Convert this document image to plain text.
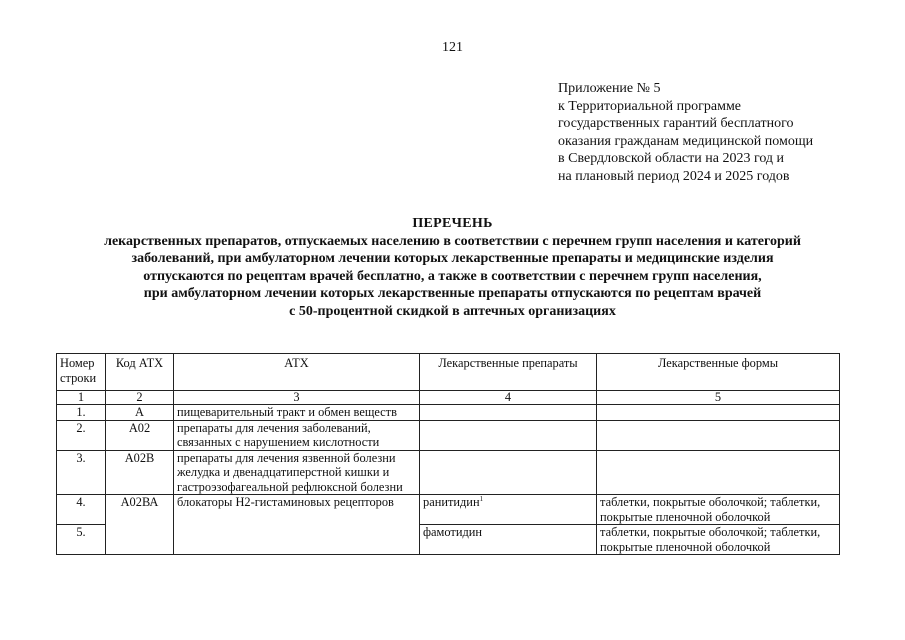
121
Приложение № 5
к Территориальной программе
государственных гарантий бесплатного
оказания гражданам медицинской помощи
в Свердловской области на 2023 год и
на плановый период 2024 и 2025 годов
ПЕРЕЧЕНЬ
лекарственных препаратов, отпускаемых населению в соответствии с перечнем групп населения и категорий
заболеваний, при амбулаторном лечении которых лекарственные препараты и медицинские изделия
отпускаются по рецептам врачей бесплатно, а также в соответствии с перечнем групп населения,
при амбулаторном лечении которых лекарственные препараты отпускаются по рецептам врачей
с 50-процентной скидкой в аптечных организациях
Номер строки	Код АТХ	АТХ	Лекарственные препараты	Лекарственные формы
1	2	3	4	5
1.	А	пищеварительный тракт и обмен веществ		
2.	А02	препараты для лечения заболеваний, связанных с нарушением кислотности		
3.	А02В	препараты для лечения язвенной болезни желудка и двенадцатиперстной кишки и гастроэзофагеальной рефлюксной болезни		
4.	А02ВА	блокаторы Н2-гистаминовых рецепторов	ранитидин$^1$	таблетки, покрытые оболочкой; таблетки, покрытые пленочной оболочкой
5.			фамотидин	таблетки, покрытые оболочкой; таблетки, покрытые пленочной оболочкой
